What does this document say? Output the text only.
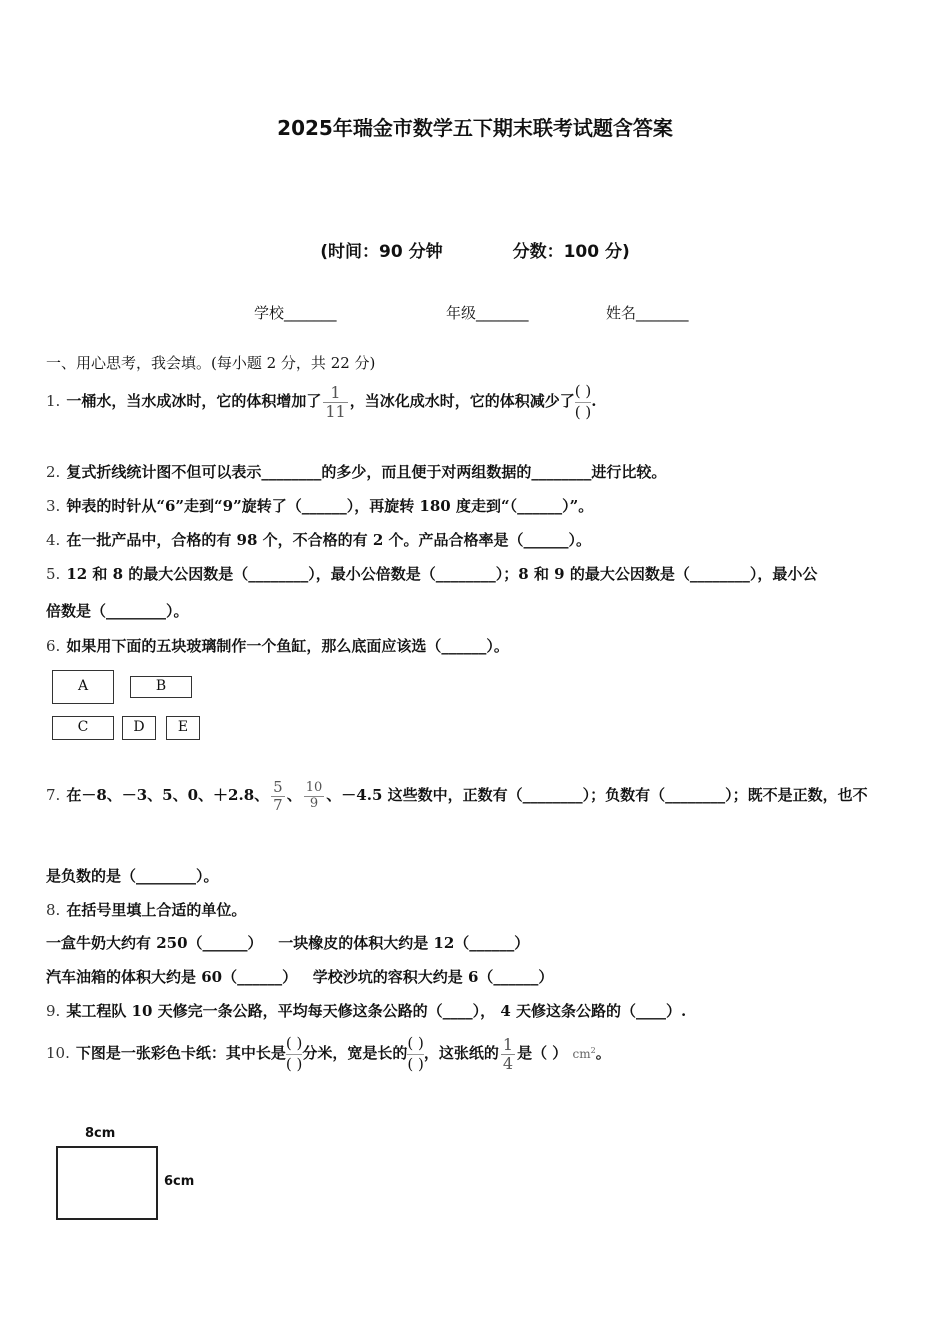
2025年瑞金市数学五下期末联考试题含答案
(时间：90 分钟	分数：100 分)
学校_______	年级_______	姓名_______
一、用心思考，我会填。(每小题 2 分，共 22 分)
1. 一桶水，当水成冰时，它的体积增加了 $\frac{1}{11}$ ，当冰化成水时，它的体积减少了
( )
( ).
2. 复式折线统计图不但可以表示________的多少，而且便于对两组数据的________进行比较。
3. 钟表的时针从“6”走到“9”旋转了（______），再旋转 180 度走到“（______）”。
4. 在一批产品中，合格的有 98 个，不合格的有 2 个。产品合格率是（______）。
5. 12 和 8 的最大公因数是（________），最小公倍数是（________）；8 和 9 的最大公因数是（________），最小公
倍数是（________）。
6. 如果用下面的五块玻璃制作一个鱼缸，那么底面应该选（______）。
A	B
C	D	E
7. 在－8、－3、5、0、＋2.8、 $\frac{5}{7}$ 、 $\frac{10}{9}$ 、－4.5 这些数中，正数有（________）；负数有（________）；既不是正数，也不
是负数的是（________）。
8. 在括号里填上合适的单位。
一盒牛奶大约有 250（______）   一块橡皮的体积大约是 12（______）
汽车油箱的体积大约是 60（______）   学校沙坑的容积大约是 6（______）
9. 某工程队 10 天修完一条公路，平均每天修这条公路的（____）， 4 天修这条公路的（____）.
10. 下图是一张彩色卡纸：其中长是
( )
( )分米，宽是长的
( )
( )，这张纸的 $\frac{1}{4}$ 是（ ） $cm^2$。
8cm
6cm
